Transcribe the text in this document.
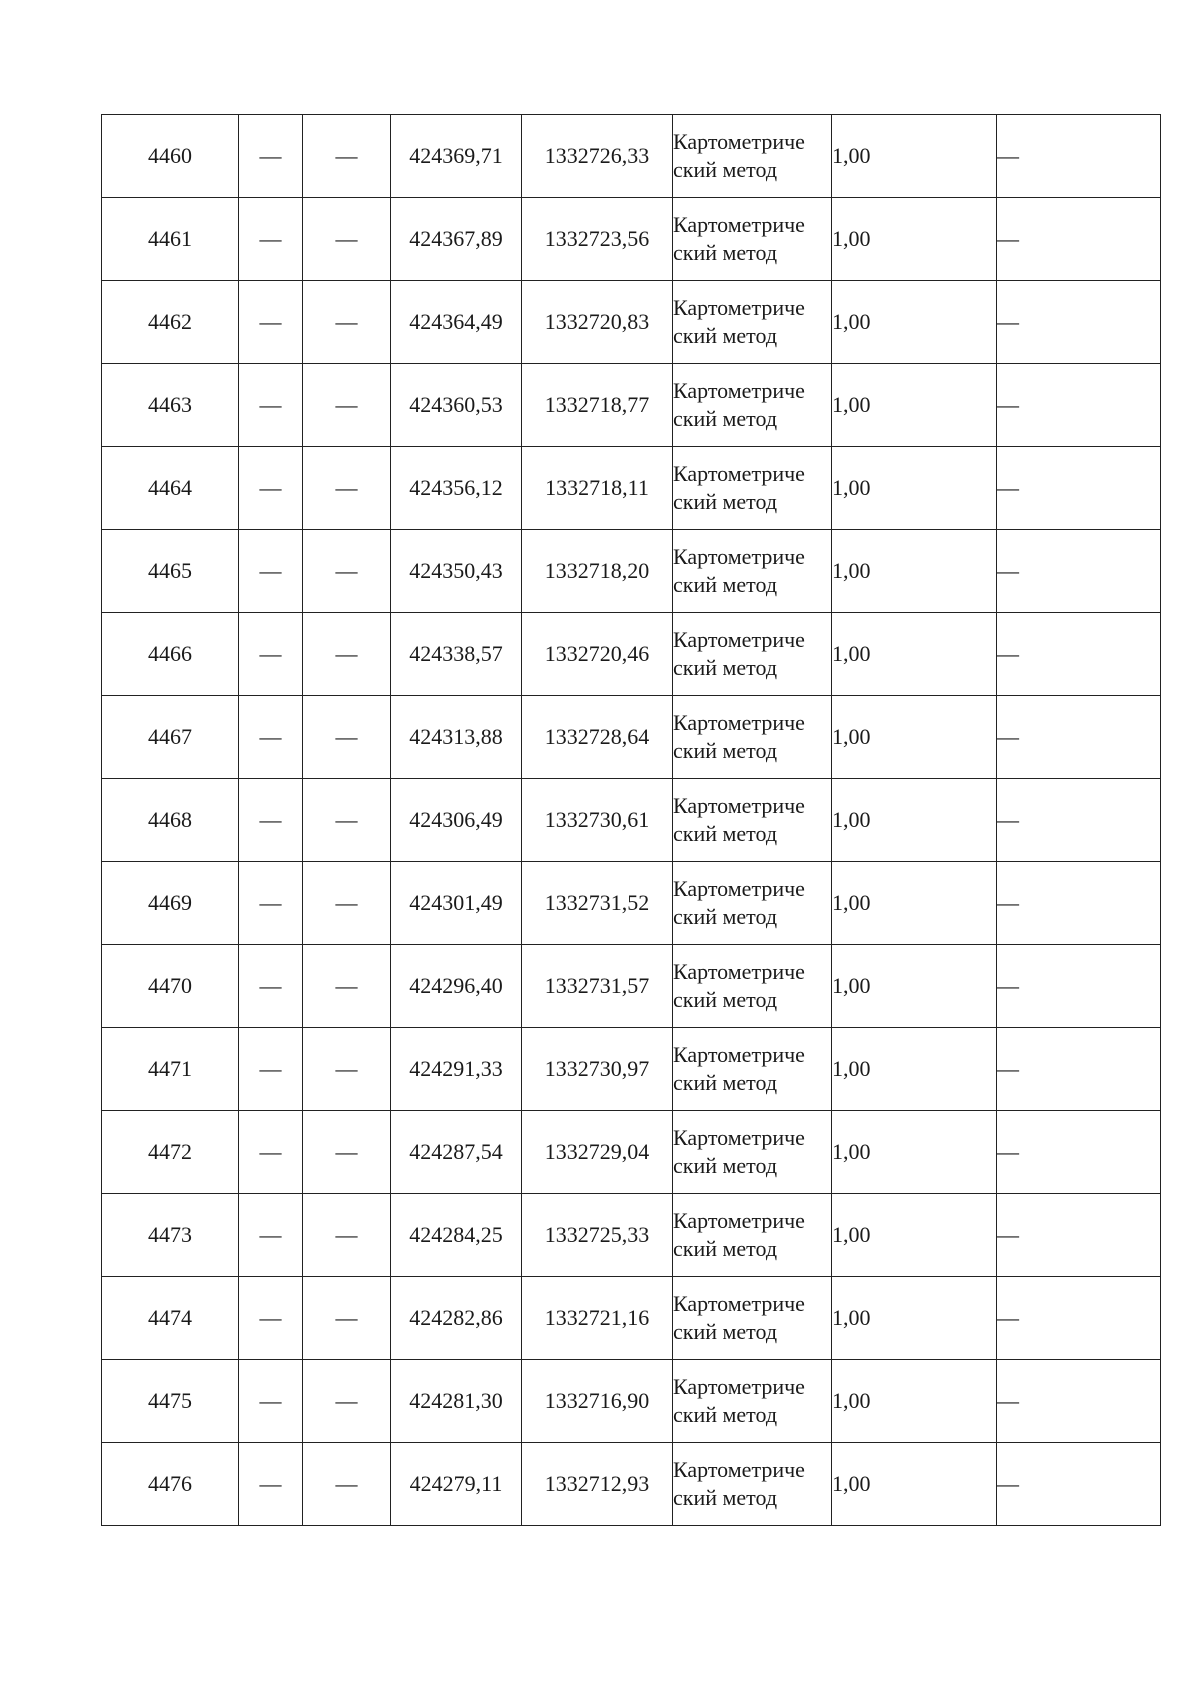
4460	—	—	424369,71	1332726,33	Картометрический метод	1,00	—
4461	—	—	424367,89	1332723,56	Картометрический метод	1,00	—
4462	—	—	424364,49	1332720,83	Картометрический метод	1,00	—
4463	—	—	424360,53	1332718,77	Картометрический метод	1,00	—
4464	—	—	424356,12	1332718,11	Картометрический метод	1,00	—
4465	—	—	424350,43	1332718,20	Картометрический метод	1,00	—
4466	—	—	424338,57	1332720,46	Картометрический метод	1,00	—
4467	—	—	424313,88	1332728,64	Картометрический метод	1,00	—
4468	—	—	424306,49	1332730,61	Картометрический метод	1,00	—
4469	—	—	424301,49	1332731,52	Картометрический метод	1,00	—
4470	—	—	424296,40	1332731,57	Картометрический метод	1,00	—
4471	—	—	424291,33	1332730,97	Картометрический метод	1,00	—
4472	—	—	424287,54	1332729,04	Картометрический метод	1,00	—
4473	—	—	424284,25	1332725,33	Картометрический метод	1,00	—
4474	—	—	424282,86	1332721,16	Картометрический метод	1,00	—
4475	—	—	424281,30	1332716,90	Картометрический метод	1,00	—
4476	—	—	424279,11	1332712,93	Картометрический метод	1,00	—
